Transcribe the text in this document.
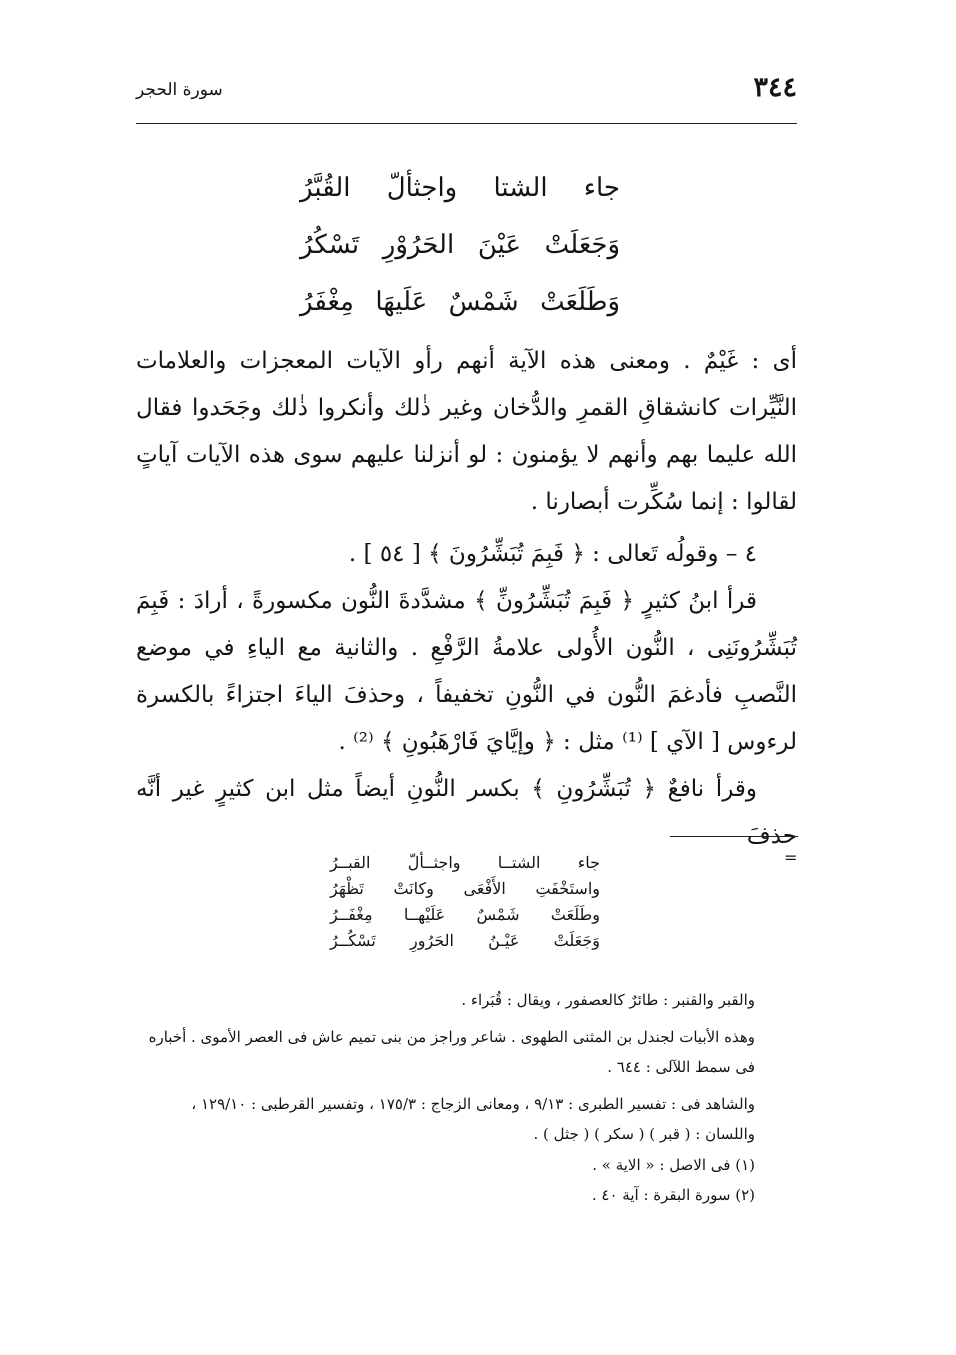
٣٤٤
سورة الحجر
جاء الشتا واجثألّ القُبَّرُ
وَجَعَلَتْ عَيْنَ الحَرُوْرِ تَسْكُرُ
وَطَلَعَتْ شَمْسٌ عَلَيهَا مِغْفَرُ

أى : غَيْمٌ . ومعنى هذه الآية أنهم رأو الآيات المعجزات والعلامات النَّيِّرات كانشقاقِ القمرِ والدُّخان وغير ذٰلك وأنكروا ذٰلك وجَحَدوا فقال الله عليما بهم وأنهم لا يؤمنون : لو أنزلنا عليهم سوى هذه الآيات آياتٍ لقالوا : إنما سُكِّرت أبصارنا .

٤ – وقولُه تَعالى : ﴿ فَبِمَ تُبَشِّرُونَ ﴾ [ ٥٤ ] .

قرأ ابنُ كثيرٍ ﴿ فَبِمَ تُبَشِّرُونِّ ﴾ مشدَّدةَ النُّون مكسورةً ، أرادَ : فَبِمَ تُبَشِّرُونَنِى ، النُّون الأُولى علامةُ الرَّفْعِ . والثانية مع الياءِ في موضع النَّصبِ فأدغمَ النُّون في النُّونِ تخفيفاً ، وحذفَ الياءَ اجتزاءً بالكسرة لرءوس [ الآي ] ⁽¹⁾ مثل : ﴿ وإيَّايَ فَارْهَبُونِ ﴾ ⁽²⁾ .

وقرأ نافعٌ ﴿ تُبَشِّرُونِ ﴾ بكسر النُّونِ أيضاً مثل ابن كثيرٍ غير أنَّه حذفَ

=
جاء الشتــا واجثــألّ القبــرُ
واستَخْفَتِ الأَفْعَى وكانَتْ تَظْهَرُ
وطَلَعَتْ شَمْسٌ عَلَيْهــا مِغْفَــرُ
وَجَعَلَتْ عَيْـنُ الحَرُورِ تَسْكُــرُ

والقبر والقنبر : طائرٌ كالعصفور ، ويقال : قُبَراء .

وهذه الأبيات لجندل بن المثنى الطهوى . شاعر وراجز من بنى تميم عاش فى العصر الأموى . أخباره فى سمط اللآلى : ٦٤٤ .

والشاهد فى : تفسير الطبرى : ٩/١٣ ، ومعانى الزجاج : ١٧٥/٣ ، وتفسير القرطبى : ١٢٩/١٠ ، واللسان : ( قبر ) ( سكر ) ( جثل ) .

(١) فى الاصل : « الاية » .

(٢) سورة البقرة : آية ٤٠ .
